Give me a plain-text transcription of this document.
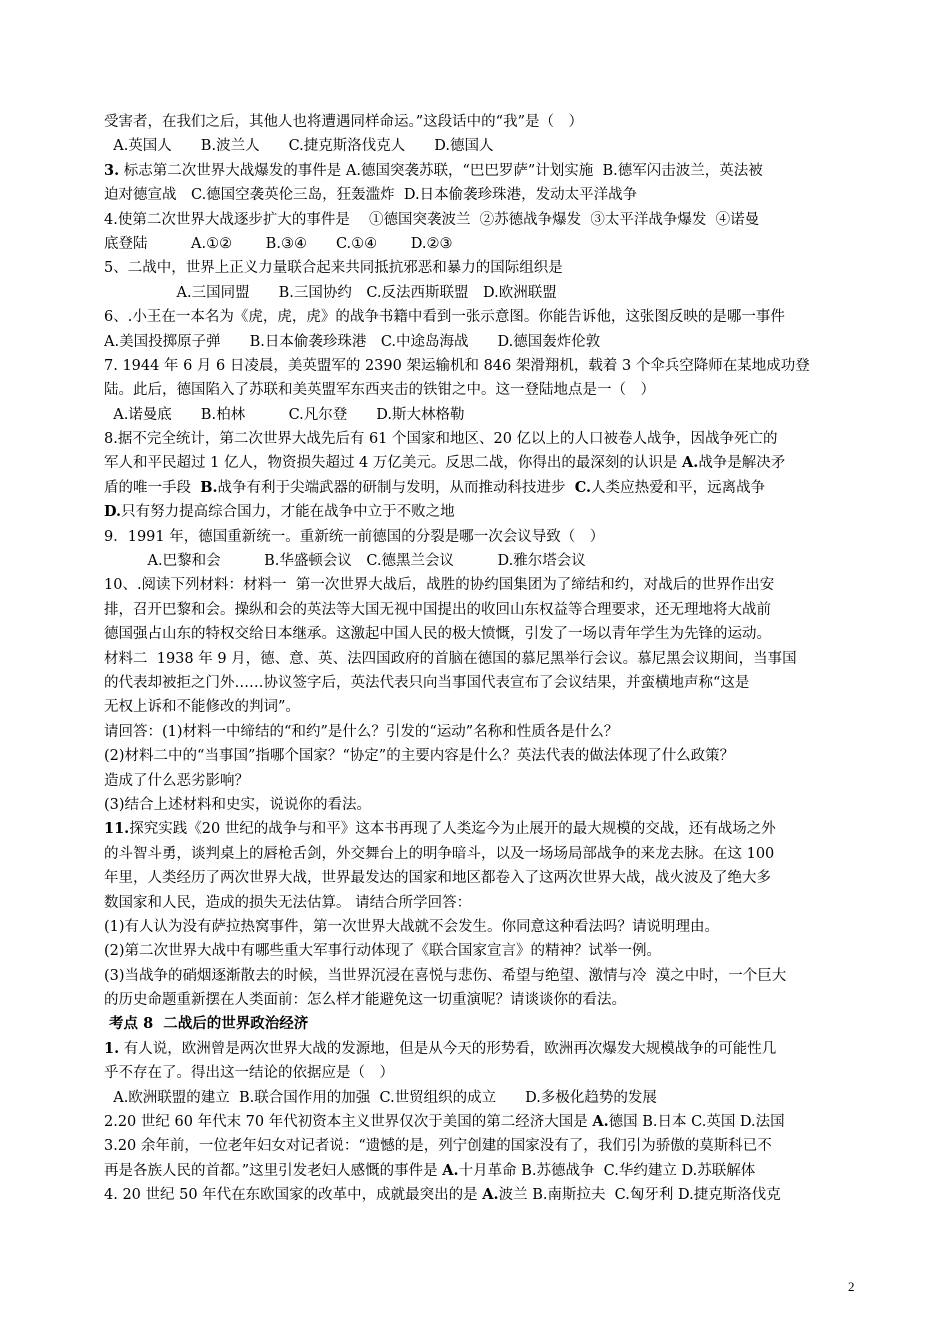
受害者，在我们之后，其他人也将遭遇同样命运。”这段话中的“我”是（　）
A.英国人　　B.波兰人　　C.捷克斯洛伐克人　　D.德国人
3. 标志第二次世界大战爆发的事件是 A.德国突袭苏联，“巴巴罗萨”计划实施  B.德军闪击波兰，英法被
迫对德宣战　C.德国空袭英伦三岛，狂轰滥炸  D.日本偷袭珍珠港，发动太平洋战争
4.使第二次世界大战逐步扩大的事件是　 ①德国突袭波兰  ②苏德战争爆发  ③太平洋战争爆发  ④诺曼
底登陆　　　A.①②　　 B.③④　　C.①④　　 D.②③
5、二战中，世界上正义力量联合起来共同抵抗邪恶和暴力的国际组织是
　　　　　A.三国同盟　　B.三国协约　C.反法西斯联盟　D.欧洲联盟
6、.小王在一本名为《虎，虎，虎》的战争书籍中看到一张示意图。你能告诉他，这张图反映的是哪一事件
A.美国投掷原子弹　　B.日本偷袭珍珠港　C.中途岛海战　　D.德国轰炸伦敦
7. 1944 年 6 月 6 日凌晨，美英盟军的 2390 架运输机和 846 架滑翔机，载着 3 个伞兵空降师在某地成功登
陆。此后，德国陷入了苏联和美英盟军东西夹击的铁钳之中。这一登陆地点是一（　）
A.诺曼底　　B.柏林　　　C.凡尔登　　D.斯大林格勒
8.据不完全统计，第二次世界大战先后有 61 个国家和地区、20 亿以上的人口被卷人战争，因战争死亡的
军人和平民超过 1 亿人，物资损失超过 4 万亿美元。反思二战，你得出的最深刻的认识是 A.战争是解决矛
盾的唯一手段  B.战争有利于尖端武器的研制与发明，从而推动科技进步  C.人类应热爱和平，远离战争
D.只有努力提高综合国力，才能在战争中立于不败之地
9．1991 年，德国重新统一。重新统一前德国的分裂是哪一次会议导致（　）
　　　A.巴黎和会　　　B.华盛顿会议　C.德黑兰会议　　　D.雅尔塔会议
10、.阅读下列材料：材料一  第一次世界大战后，战胜的协约国集团为了缔结和约，对战后的世界作出安
排，召开巴黎和会。操纵和会的英法等大国无视中国提出的收回山东权益等合理要求，还无理地将大战前
德国强占山东的特权交给日本继承。这激起中国人民的极大愤慨，引发了一场以青年学生为先锋的运动。
材料二  1938 年 9 月，德、意、英、法四国政府的首脑在德国的慕尼黑举行会议。慕尼黑会议期间，当事国
的代表却被拒之门外……协议签字后，英法代表只向当事国代表宣布了会议结果，并蛮横地声称“这是
无权上诉和不能修改的判词”。
请回答：(1)材料一中缔结的“和约”是什么？引发的“运动”名称和性质各是什么？
(2)材料二中的“当事国”指哪个国家？“协定”的主要内容是什么？英法代表的做法体现了什么政策？
造成了什么恶劣影响？
(3)结合上述材料和史实，说说你的看法。
11.探究实践《20 世纪的战争与和平》这本书再现了人类迄今为止展开的最大规模的交战，还有战场之外
的斗智斗勇，谈判桌上的唇枪舌剑，外交舞台上的明争暗斗，以及一场场局部战争的来龙去脉。在这 100
年里，人类经历了两次世界大战，世界最发达的国家和地区都卷入了这两次世界大战，战火波及了绝大多
数国家和人民，造成的损失无法估算。 请结合所学回答：
(1)有人认为没有萨拉热窝事件，第一次世界大战就不会发生。你同意这种看法吗？请说明理由。
(2)第二次世界大战中有哪些重大军事行动体现了《联合国家宣言》的精神？试举一例。
(3)当战争的硝烟逐渐散去的时候，当世界沉浸在喜悦与悲伤、希望与绝望、激情与冷  漠之中时，一个巨大
的历史命题重新摆在人类面前：怎么样才能避免这一切重演呢？请谈谈你的看法。
考点 8  二战后的世界政治经济
1. 有人说，欧洲曾是两次世界大战的发源地，但是从今天的形势看，欧洲再次爆发大规模战争的可能性几
乎不存在了。得出这一结论的依据应是（　）
A.欧洲联盟的建立  B.联合国作用的加强  C.世贸组织的成立　　D.多极化趋势的发展
2.20 世纪 60 年代末 70 年代初资本主义世界仅次于美国的第二经济大国是 A.德国 B.日本 C.英国 D.法国
3.20 余年前，一位老年妇女对记者说：“遗憾的是，列宁创建的国家没有了，我们引为骄傲的莫斯科已不
再是各族人民的首都。”这里引发老妇人感慨的事件是 A.十月革命 B.苏德战争  C.华约建立 D.苏联解体
4. 20 世纪 50 年代在东欧国家的改革中，成就最突出的是 A.波兰 B.南斯拉夫  C.匈牙利 D.捷克斯洛伐克
2
